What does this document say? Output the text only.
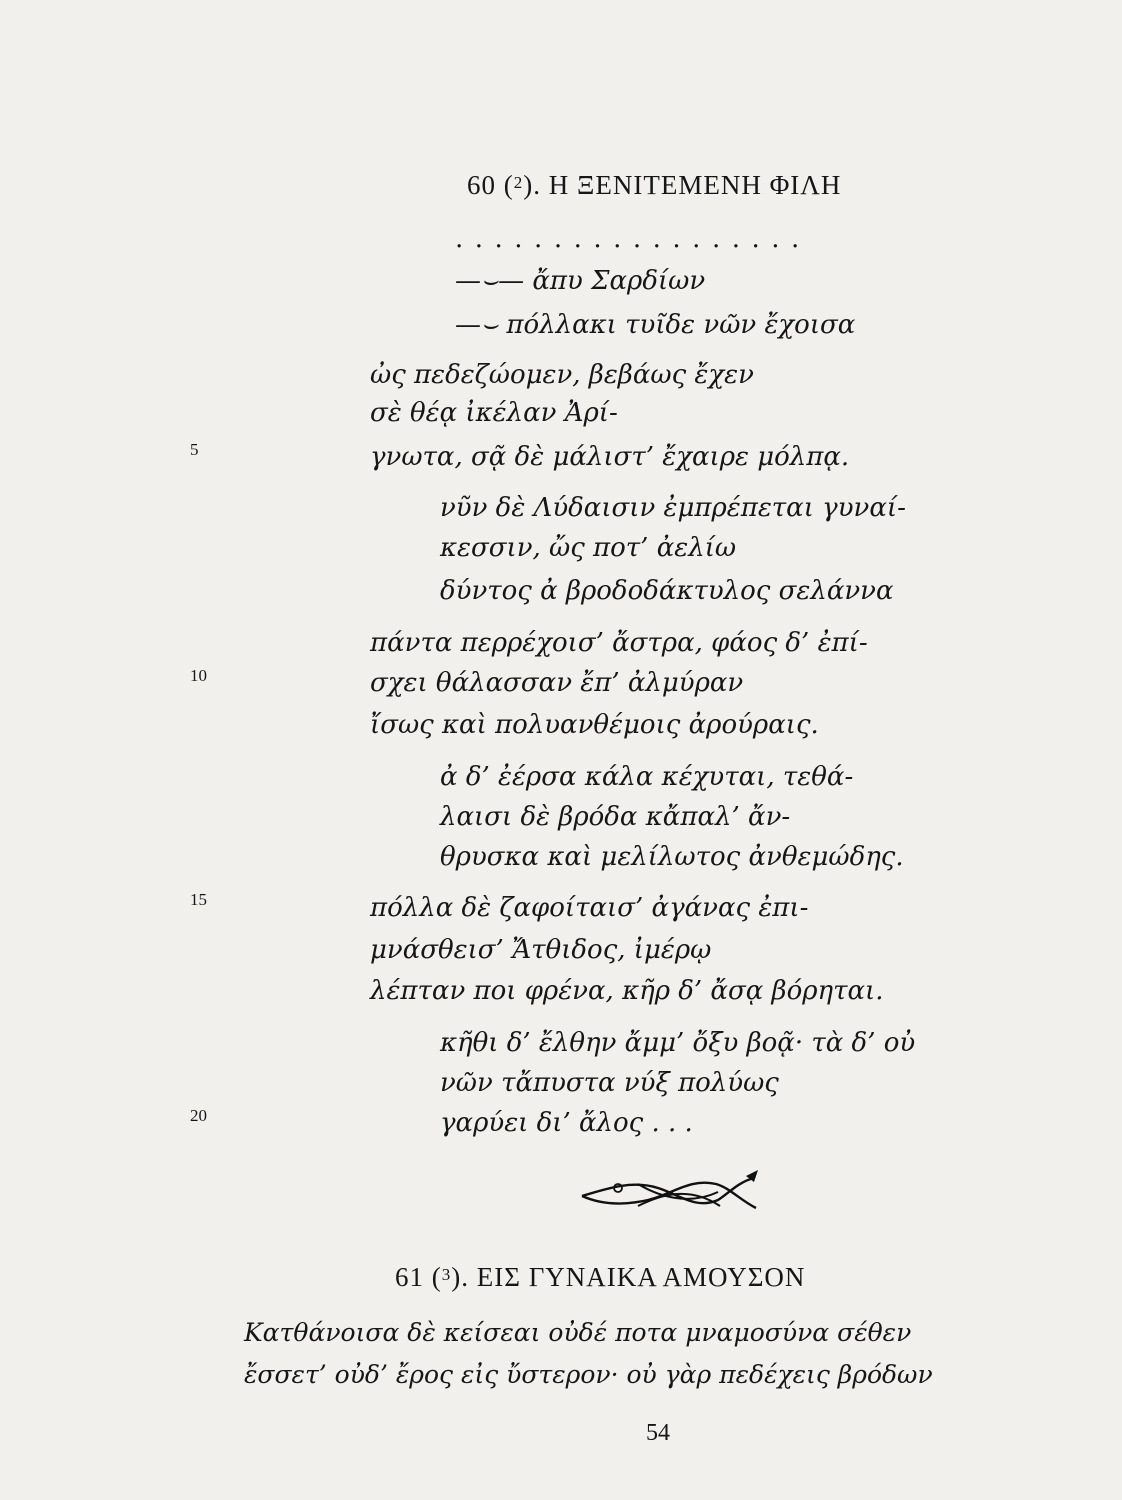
60 ($^2$). Η ΞΕΝΙΤΕΜΕΝΗ ΦΙΛΗ
..................
—⌣— ἄπυ Σαρδίων
—⌣ πόλλακι τυῖδε νῶν ἔχοισα
ὠς πεδεζώομεν, βεβάως ἔχεν
σὲ θέᾳ ἰκέλαν Ἀρί-
γνωτα, σᾷ δὲ μάλιστ’ ἔχαιρε μόλπᾳ.
νῦν δὲ Λύδαισιν ἐμπρέπεται γυναί-
κεσσιν, ὤς ποτ’ ἀελίω
δύντος ἀ βροδοδάκτυλος σελάννα
πάντα περρέχοισ’ ἄστρα, φάος δ’ ἐπί-
σχει θάλασσαν ἔπ’ ἀλμύραν
ἴσως καὶ πολυανθέμοις ἀρούραις.
ἀ δ’ ἐέρσα κάλα κέχυται, τεθά-
λαισι δὲ βρόδα κἄπαλ’ ἄν-
θρυσκα καὶ μελίλωτος ἀνθεμώδης.
πόλλα δὲ ζαφοίταισ’ ἀγάνας ἐπι-
μνάσθεισ’ Ἄτθιδος, ἰμέρῳ
λέπταν ποι φρένα, κῆρ δ’ ἄσᾳ βόρηται.
κῆθι δ’ ἔλθην ἄμμ’ ὄξυ βοᾷ· τὰ δ’ οὐ
νῶν τἄπυστα νύξ πολύως
γαρύει δι’ ἄλος . . .
5
10
15
20
61 ($^3$). ΕΙΣ ΓΥΝΑΙΚΑ ΑΜΟΥΣΟΝ
Κατθάνοισα δὲ κείσεαι οὐδέ ποτα μναμοσύνα σέθεν
ἔσσετ’ οὐδ’ ἔρος εἰς ὔστερον· οὐ γὰρ πεδέχεις βρόδων
54
